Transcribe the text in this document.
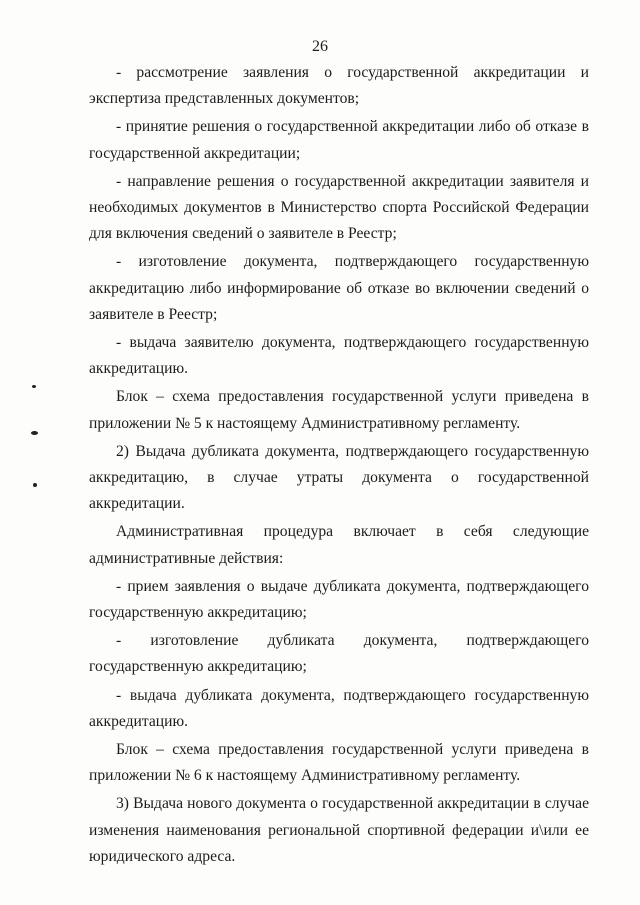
26

- рассмотрение заявления о государственной аккредитации и экспертиза представленных документов;

- принятие решения о государственной аккредитации либо об отказе в государственной аккредитации;

- направление решения о государственной аккредитации заявителя и необходимых документов в Министерство спорта Российской Федерации для включения сведений о заявителе в Реестр;

- изготовление документа, подтверждающего государственную аккредитацию либо информирование об отказе во включении сведений о заявителе в Реестр;

- выдача заявителю документа, подтверждающего государственную аккредитацию.

Блок – схема предоставления государственной услуги приведена в приложении № 5 к настоящему Административному регламенту.

2) Выдача дубликата документа, подтверждающего государственную аккредитацию, в случае утраты документа о государственной аккредитации.

Административная процедура включает в себя следующие административные действия:

- прием заявления о выдаче дубликата документа, подтверждающего государственную аккредитацию;

- изготовление дубликата документа, подтверждающего государственную аккредитацию;

- выдача дубликата документа, подтверждающего государственную аккредитацию.

Блок – схема предоставления государственной услуги приведена в приложении № 6 к настоящему Административному регламенту.

3) Выдача нового документа о государственной аккредитации в случае изменения наименования региональной спортивной федерации и\или ее юридического адреса.
